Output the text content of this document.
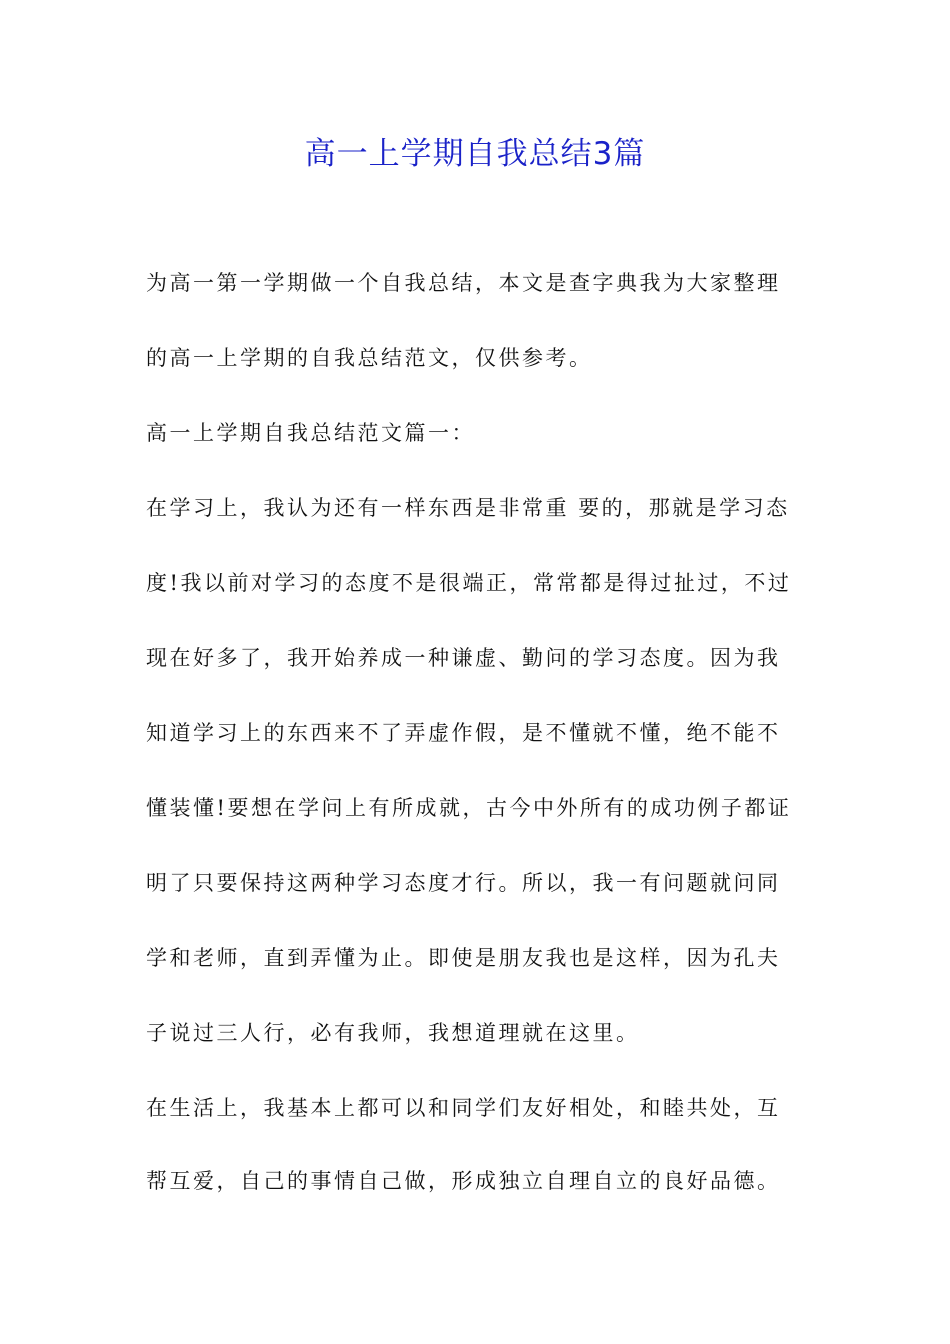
高一上学期自我总结3篇
为高一第一学期做一个自我总结，本文是查字典我为大家整理
的高一上学期的自我总结范文，仅供参考。
高一上学期自我总结范文篇一：
在学习上，我认为还有一样东西是非常重 要的，那就是学习态
度!我以前对学习的态度不是很端正，常常都是得过扯过，不过
现在好多了，我开始养成一种谦虚、勤问的学习态度。因为我
知道学习上的东西来不了弄虚作假，是不懂就不懂，绝不能不
懂装懂!要想在学问上有所成就，古今中外所有的成功例子都证
明了只要保持这两种学习态度才行。所以，我一有问题就问同
学和老师，直到弄懂为止。即使是朋友我也是这样，因为孔夫
子说过三人行，必有我师，我想道理就在这里。
在生活上，我基本上都可以和同学们友好相处，和睦共处，互
帮互爱，自己的事情自己做，形成独立自理自立的良好品德。
